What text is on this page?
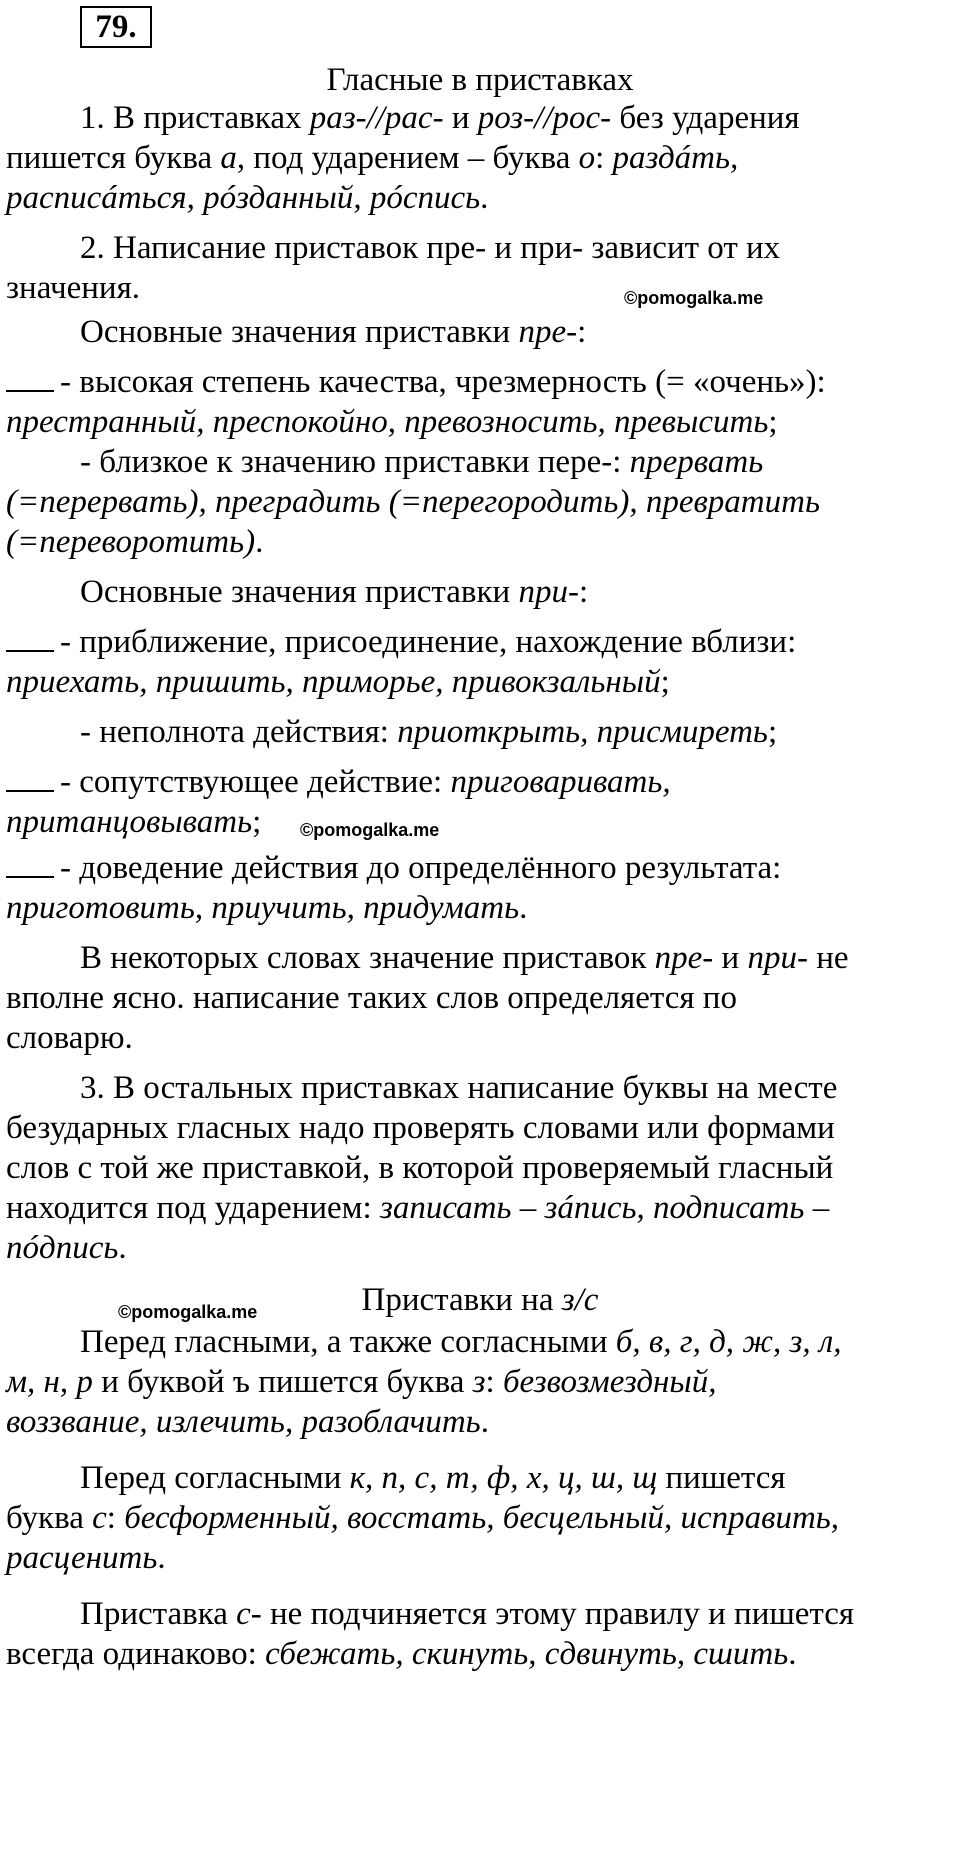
79.
Гласные в приставках
1. В приставках раз-//рас- и роз-//рос- без ударения
пишется буква а, под ударением – буква о: раздáть,
расписáться, рóзданный, рóспись.
2. Написание приставок пре- и при- зависит от их
значения.	©pomogalka.me
Основные значения приставки пре-:
- высокая степень качества, чрезмерность (= «очень»):
престранный, преспокойно, превозносить, превысить;
- близкое к значению приставки пере-: прервать
(=перервать), преградить (=перегородить), превратить
(=переворотить).
Основные значения приставки при-:
- приближение, присоединение, нахождение вблизи:
приехать, пришить, приморье, привокзальный;
- неполнота действия: приоткрыть, присмиреть;
- сопутствующее действие: приговаривать,
пританцовывать; ©pomogalka.me
- доведение действия до определённого результата:
приготовить, приучить, придумать.
В некоторых словах значение приставок пре- и при- не
вполне ясно. написание таких слов определяется по
словарю.
3. В остальных приставках написание буквы на месте
безударных гласных надо проверять словами или формами
слов с той же приставкой, в которой проверяемый гласный
находится под ударением: записать – зáпись, подписать –
пóдпись.
Приставки на з/с
©pomogalka.me
Перед гласными, а также согласными б, в, г, д, ж, з, л,
м, н, р и буквой ъ пишется буква з: безвозмездный,
воззвание, излечить, разоблачить.
Перед согласными к, п, с, т, ф, х, ц, ш, щ пишется
буква с: бесформенный, восстать, бесцельный, исправить,
расценить.
Приставка с- не подчиняется этому правилу и пишется
всегда одинаково: сбежать, скинуть, сдвинуть, сшить.
